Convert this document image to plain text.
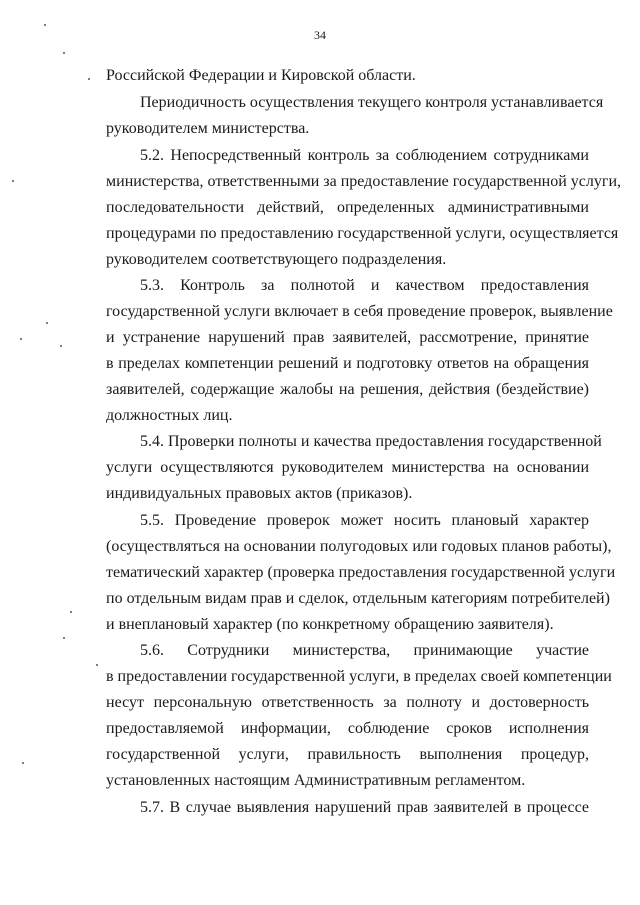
34
Российской Федерации и Кировской области.
Периодичность осуществления текущего контроля устанавливается
руководителем министерства.
5.2. Непосредственный контроль за соблюдением сотрудниками
министерства, ответственными за предоставление государственной услуги,
последовательности действий, определенных административными
процедурами по предоставлению государственной услуги, осуществляется
руководителем соответствующего подразделения.
5.3. Контроль за полнотой и качеством предоставления
государственной услуги включает в себя проведение проверок, выявление
и устранение нарушений прав заявителей, рассмотрение, принятие
в пределах компетенции решений и подготовку ответов на обращения
заявителей, содержащие жалобы на решения, действия (бездействие)
должностных лиц.
5.4. Проверки полноты и качества предоставления государственной
услуги осуществляются руководителем министерства на основании
индивидуальных правовых актов (приказов).
5.5. Проведение проверок может носить плановый характер
(осуществляться на основании полугодовых или годовых планов работы),
тематический характер (проверка предоставления государственной услуги
по отдельным видам прав и сделок, отдельным категориям потребителей)
и внеплановый характер (по конкретному обращению заявителя).
5.6. Сотрудники министерства, принимающие участие
в предоставлении государственной услуги, в пределах своей компетенции
несут персональную ответственность за полноту и достоверность
предоставляемой информации, соблюдение сроков исполнения
государственной услуги, правильность выполнения процедур,
установленных настоящим Административным регламентом.
5.7. В случае выявления нарушений прав заявителей в процессе
